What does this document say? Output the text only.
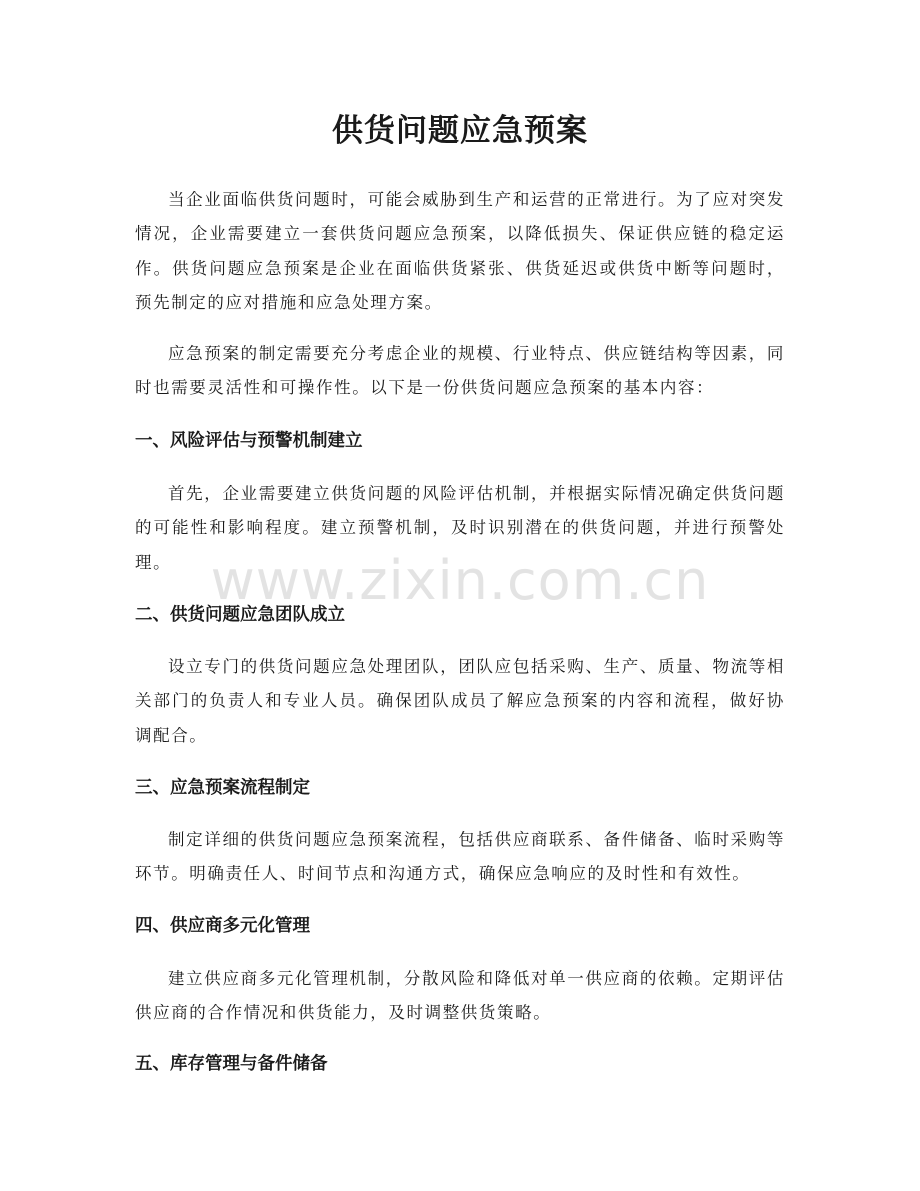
供货问题应急预案

当企业面临供货问题时，可能会威胁到生产和运营的正常进行。为了应对突发情况，企业需要建立一套供货问题应急预案，以降低损失、保证供应链的稳定运作。供货问题应急预案是企业在面临供货紧张、供货延迟或供货中断等问题时，预先制定的应对措施和应急处理方案。

应急预案的制定需要充分考虑企业的规模、行业特点、供应链结构等因素，同时也需要灵活性和可操作性。以下是一份供货问题应急预案的基本内容：

一、风险评估与预警机制建立

首先，企业需要建立供货问题的风险评估机制，并根据实际情况确定供货问题的可能性和影响程度。建立预警机制，及时识别潜在的供货问题，并进行预警处理。

二、供货问题应急团队成立

设立专门的供货问题应急处理团队，团队应包括采购、生产、质量、物流等相关部门的负责人和专业人员。确保团队成员了解应急预案的内容和流程，做好协调配合。

三、应急预案流程制定

制定详细的供货问题应急预案流程，包括供应商联系、备件储备、临时采购等环节。明确责任人、时间节点和沟通方式，确保应急响应的及时性和有效性。

四、供应商多元化管理

建立供应商多元化管理机制，分散风险和降低对单一供应商的依赖。定期评估供应商的合作情况和供货能力，及时调整供货策略。

五、库存管理与备件储备
www.zixin.com.cn
